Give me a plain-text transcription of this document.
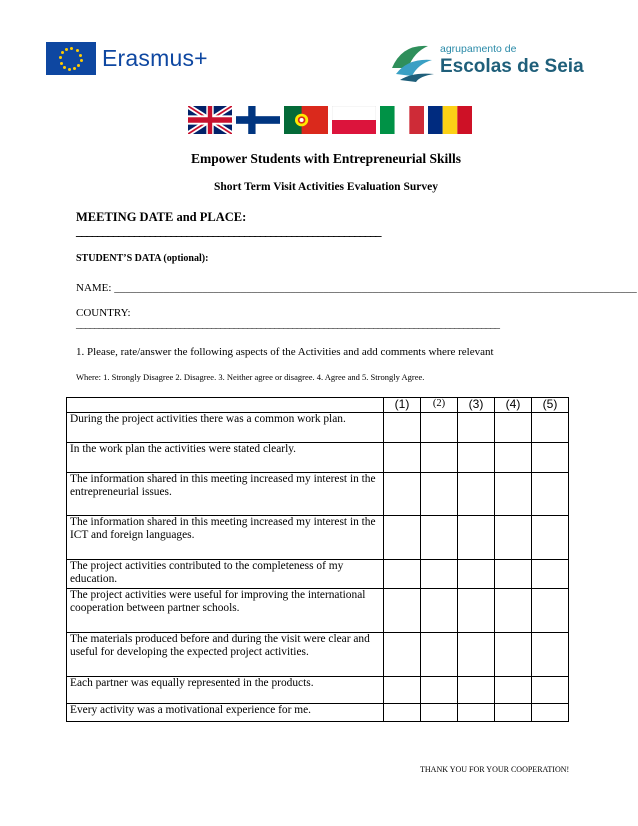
Erasmus+	agrupamento de
Escolas de Seia
Empower Students with Entrepreneurial Skills
Short Term Visit Activities Evaluation Survey
MEETING DATE and PLACE:
__________________________________________________________
STUDENT’S DATA (optional):
NAME: _______________________________________________________________________________________________
COUNTRY:
______________________________________________________________________________________________
1. Please, rate/answer the following aspects of the Activities and add comments where relevant
Where: 1. Strongly Disagree 2. Disagree. 3. Neither agree or disagree. 4. Agree and 5. Strongly Agree.
	(1)	(2)	(3)	(4)	(5)
During the project activities there was a common work plan.					
In the work plan the activities were stated clearly.					
The information shared in this meeting increased my interest in the entrepreneurial issues.					
The information shared in this meeting increased my interest in the ICT and foreign languages.					
The project activities contributed to the completeness of my education.					
The project activities were useful for improving the international cooperation between partner schools.					
The materials produced before and during the visit were clear and useful for developing the expected project activities.					
Each partner was equally represented in the products.					
Every activity was a motivational experience for me.					
THANK YOU FOR YOUR COOPERATION!
